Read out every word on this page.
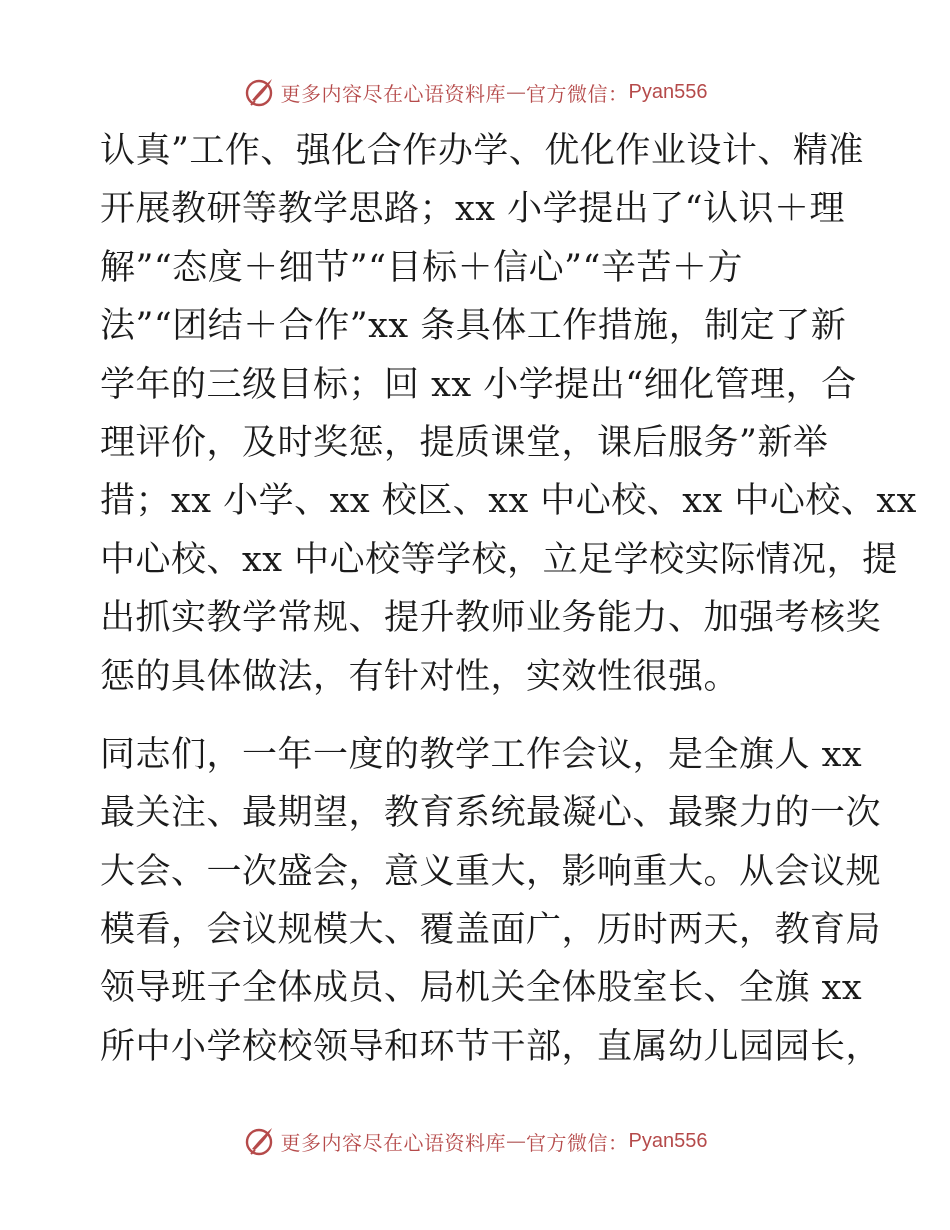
更多内容尽在心语资料库 — 官方微信： Pyan556

认真”工作、强化合作办学、优化作业设计、精准
开展教研等教学思路；xx 小学提出了“认识＋理
解”“态度＋细节”“目标＋信心”“辛苦＋方
法”“团结＋合作”xx 条具体工作措施，制定了新
学年的三级目标；回 xx 小学提出“细化管理，合
理评价，及时奖惩，提质课堂，课后服务”新举
措；xx 小学、xx 校区、xx 中心校、xx 中心校、xx
中心校、xx 中心校等学校，立足学校实际情况，提
出抓实教学常规、提升教师业务能力、加强考核奖
惩的具体做法，有针对性，实效性很强。

同志们，一年一度的教学工作会议，是全旗人 xx
最关注、最期望，教育系统最凝心、最聚力的一次
大会、一次盛会，意义重大，影响重大。从会议规
模看，会议规模大、覆盖面广，历时两天，教育局
领导班子全体成员、局机关全体股室长、全旗 xx
所中小学校校领导和环节干部，直属幼儿园园长，

更多内容尽在心语资料库 — 官方微信： Pyan556
